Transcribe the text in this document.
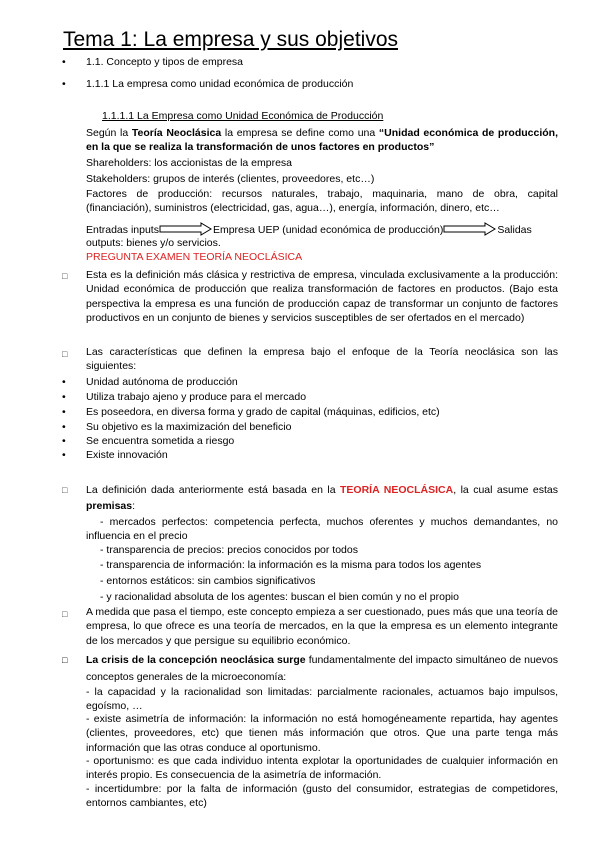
Tema 1: La empresa y sus objetivos
• 1.1. Concepto y tipos de empresa
• 1.1.1 La empresa como unidad económica de producción
1.1.1.1 La Empresa como Unidad Económica de Producción
Según la Teoría Neoclásica la empresa se define como una “Unidad económica de producción, en la que se realiza la transformación de unos factores en productos”
Shareholders: los accionistas de la empresa
Stakeholders: grupos de interés (clientes, proveedores, etc…)
Factores de producción: recursos naturales, trabajo, maquinaria, mano de obra, capital (financiación), suministros (electricidad, gas, agua…), energía, información, dinero, etc…
Entradas inputs	Empresa UEP (unidad económica de producción)	Salidas
outputs: bienes y/o servicios.
PREGUNTA EXAMEN TEORÍA NEOCLÁSICA
□ Esta es la definición más clásica y restrictiva de empresa, vinculada exclusivamente a la producción: Unidad económica de producción que realiza transformación de factores en productos. (Bajo esta perspectiva la empresa es una función de producción capaz de transformar un conjunto de factores productivos en un conjunto de bienes y servicios susceptibles de ser ofertados en el mercado)
□ Las características que definen la empresa bajo el enfoque de la Teoría neoclásica son las siguientes:
• Unidad autónoma de producción
• Utiliza trabajo ajeno y produce para el mercado
• Es poseedora, en diversa forma y grado de capital (máquinas, edificios, etc)
• Su objetivo es la maximización del beneficio
• Se encuentra sometida a riesgo
• Existe innovación
□ La definición dada anteriormente está basada en la TEORÍA NEOCLÁSICA, la cual asume estas premisas:
- mercados perfectos: competencia perfecta, muchos oferentes y muchos demandantes, no influencia en el precio
- transparencia de precios: precios conocidos por todos
- transparencia de información: la información es la misma para todos los agentes
- entornos estáticos: sin cambios significativos
- y racionalidad absoluta de los agentes: buscan el bien común y no el propio
□ A medida que pasa el tiempo, este concepto empieza a ser cuestionado, pues más que una teoría de empresa, lo que ofrece es una teoría de mercados, en la que la empresa es un elemento integrante de los mercados y que persigue su equilibrio económico.
□ La crisis de la concepción neoclásica surge fundamentalmente del impacto simultáneo de nuevos conceptos generales de la microeconomía:
- la capacidad y la racionalidad son limitadas: parcialmente racionales, actuamos bajo impulsos, egoísmo, …
- existe asimetría de información: la información no está homogéneamente repartida, hay agentes (clientes, proveedores, etc) que tienen más información que otros. Que una parte tenga más información que las otras conduce al oportunismo.
- oportunismo: es que cada individuo intenta explotar la oportunidades de cualquier información en interés propio. Es consecuencia de la asimetría de información.
- incertidumbre: por la falta de información (gusto del consumidor, estrategias de competidores, entornos cambiantes, etc)
